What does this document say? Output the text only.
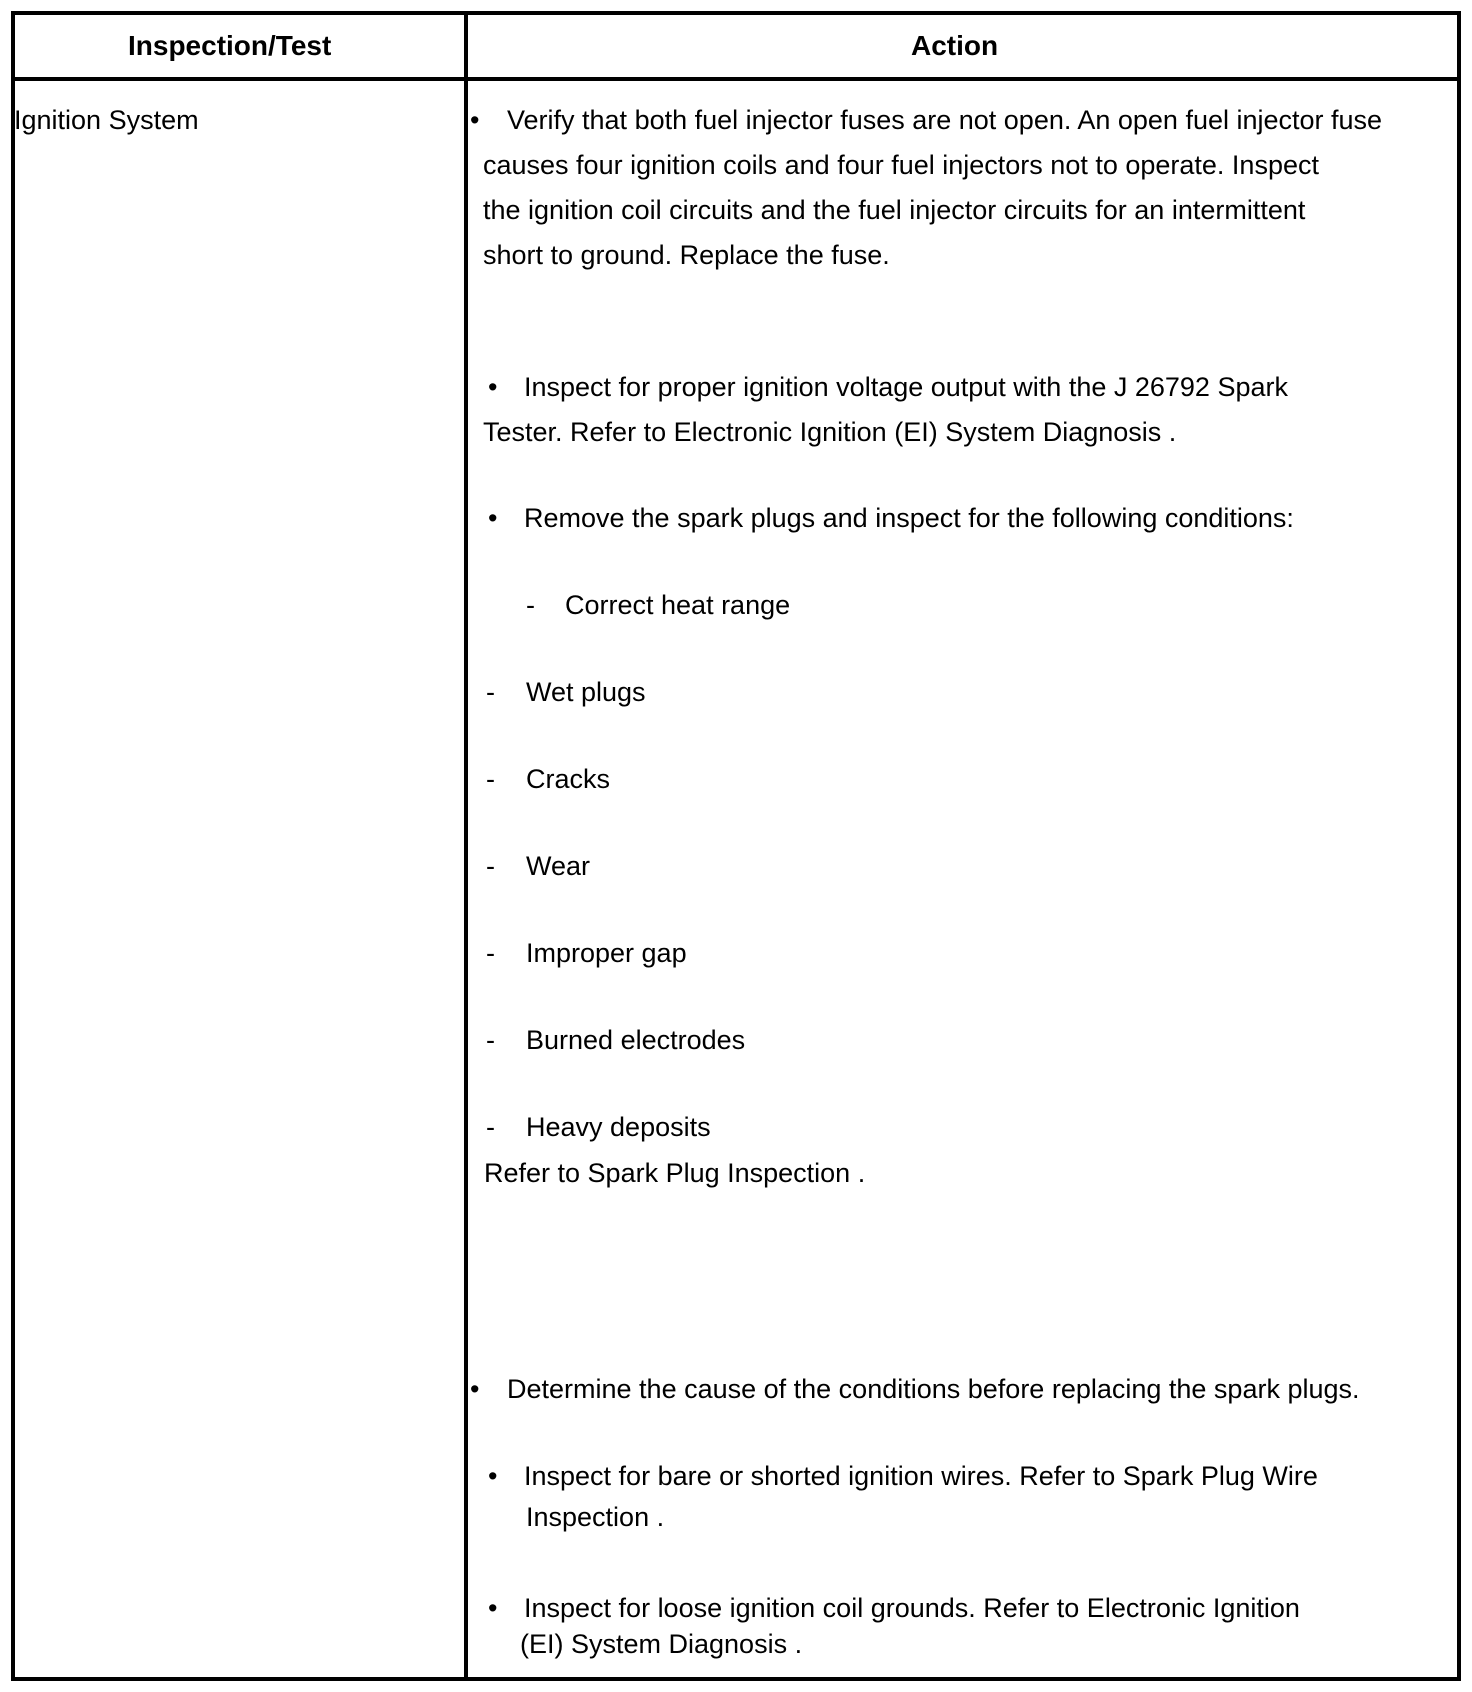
Inspection/Test	Action
Ignition System	• Verify that both fuel injector fuses are not open. An open fuel injector fuse
causes four ignition coils and four fuel injectors not to operate. Inspect
the ignition coil circuits and the fuel injector circuits for an intermittent
short to ground. Replace the fuse.
• Inspect for proper ignition voltage output with the J 26792 Spark
Tester. Refer to Electronic Ignition (EI) System Diagnosis .
• Remove the spark plugs and inspect for the following conditions:
- Correct heat range
- Wet plugs
- Cracks
- Wear
- Improper gap
- Burned electrodes
- Heavy deposits
Refer to Spark Plug Inspection .
• Determine the cause of the conditions before replacing the spark plugs.
• Inspect for bare or shorted ignition wires. Refer to Spark Plug Wire
Inspection .
• Inspect for loose ignition coil grounds. Refer to Electronic Ignition
(EI) System Diagnosis .
